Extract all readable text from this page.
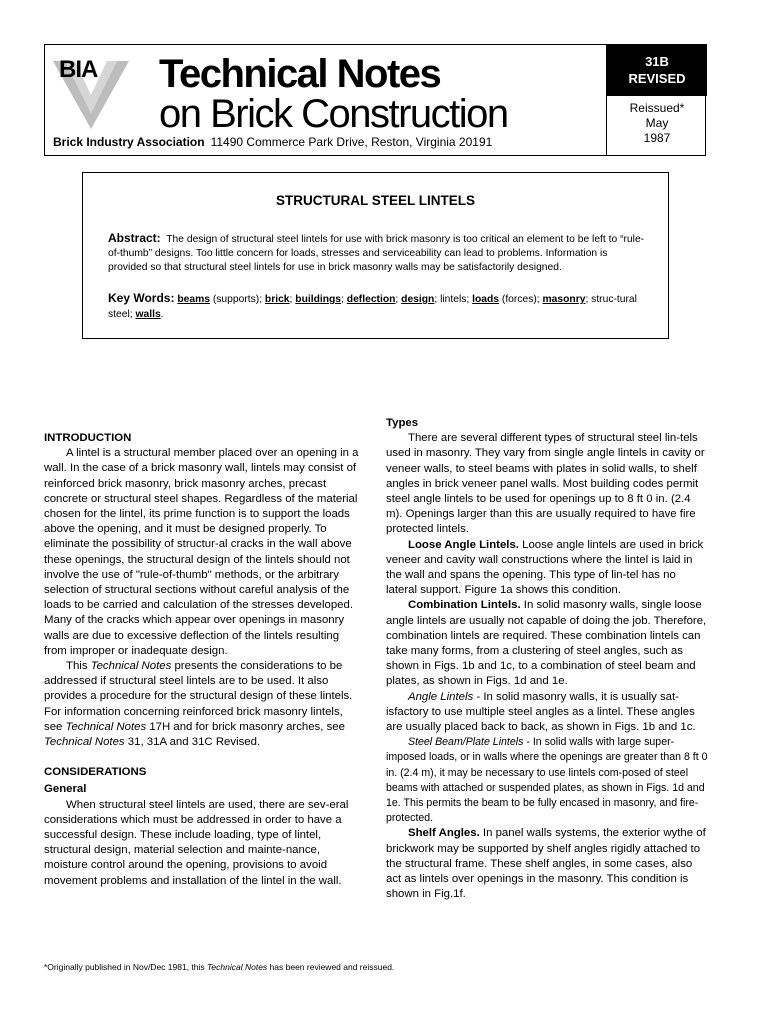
BIA Technical Notes
on Brick Construction
Brick Industry Association 11490 Commerce Park Drive, Reston, Virginia 20191
31B
REVISED
Reissued*
May
1987
STRUCTURAL STEEL LINTELS
Abstract: The design of structural steel lintels for use with brick masonry is too critical an element to be left to “rule-of-thumb” designs. Too little concern for loads, stresses and serviceability can lead to problems. Information is provided so that structural steel lintels for use in brick masonry walls may be satisfactorily designed.
Key Words: beams (supports); brick; buildings; deflection; design; lintels; loads (forces); masonry; struc-tural steel; walls.
INTRODUCTION

A lintel is a structural member placed over an opening in a wall. In the case of a brick masonry wall, lintels may consist of reinforced brick masonry, brick masonry arches, precast concrete or structural steel shapes. Regardless of the material chosen for the lintel, its prime function is to support the loads above the opening, and it must be designed properly. To eliminate the possibility of structur-al cracks in the wall above these openings, the structural design of the lintels should not involve the use of "rule-of-thumb" methods, or the arbitrary selection of structural sections without careful analysis of the loads to be carried and calculation of the stresses developed. Many of the cracks which appear over openings in masonry walls are due to excessive deflection of the lintels resulting from improper or inadequate design.

This Technical Notes presents the considerations to be addressed if structural steel lintels are to be used. It also provides a procedure for the structural design of these lintels. For information concerning reinforced brick masonry lintels, see Technical Notes 17H and for brick masonry arches, see Technical Notes 31, 31A and 31C Revised.

CONSIDERATIONS
General

When structural steel lintels are used, there are sev-eral considerations which must be addressed in order to have a successful design. These include loading, type of lintel, structural design, material selection and mainte-nance, moisture control around the opening, provisions to avoid movement problems and installation of the lintel in the wall.

Types

There are several different types of structural steel lin-tels used in masonry. They vary from single angle lintels in cavity or veneer walls, to steel beams with plates in solid walls, to shelf angles in brick veneer panel walls. Most building codes permit steel angle lintels to be used for openings up to 8 ft 0 in. (2.4 m). Openings larger than this are usually required to have fire protected lintels.

Loose Angle Lintels. Loose angle lintels are used in brick veneer and cavity wall constructions where the lintel is laid in the wall and spans the opening. This type of lin-tel has no lateral support. Figure 1a shows this condition.

Combination Lintels. In solid masonry walls, single loose angle lintels are usually not capable of doing the job. Therefore, combination lintels are required. These combination lintels can take many forms, from a clustering of steel angles, such as shown in Figs. 1b and 1c, to a combination of steel beam and plates, as shown in Figs. 1d and 1e.

Angle Lintels - In solid masonry walls, it is usually sat-isfactory to use multiple steel angles as a lintel. These angles are usually placed back to back, as shown in Figs. 1b and 1c.

Steel Beam/Plate Lintels - In solid walls with large super-imposed loads, or in walls where the openings are greater than 8 ft 0 in. (2.4 m), it may be necessary to use lintels com-posed of steel beams with attached or suspended plates, as shown in Figs. 1d and 1e. This permits the beam to be fully encased in masonry, and fire-protected.

Shelf Angles. In panel walls systems, the exterior wythe of brickwork may be supported by shelf angles rigidly attached to the structural frame. These shelf angles, in some cases, also act as lintels over openings in the masonry. This condition is shown in Fig.1f.

*Originally published in Nov/Dec 1981, this Technical Notes has been reviewed and reissued.
